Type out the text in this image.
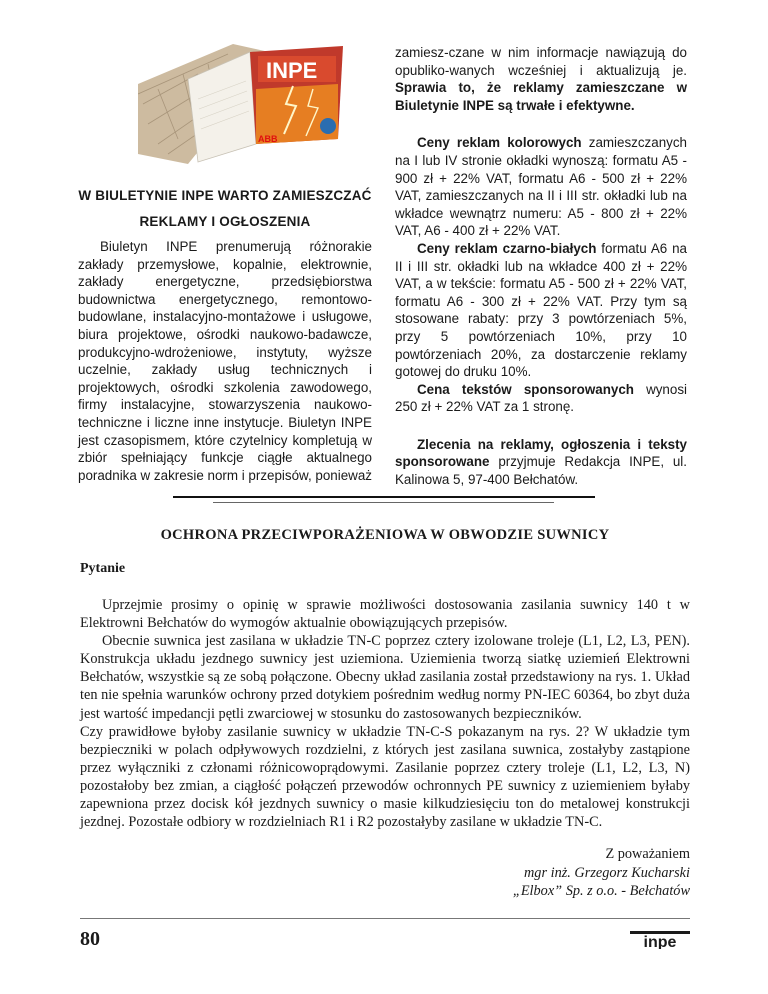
INPE
ABB
W BIULETYNIE INPE WARTO ZAMIESZCZAĆ
REKLAMY I OGŁOSZENIA

Biuletyn INPE prenumerują różnorakie zakłady przemysłowe, kopalnie, elektrownie, zakłady energetyczne, przedsiębiorstwa budownictwa energetycznego, remontowo-budowlane, instalacyjno-montażowe i usługowe, biura projektowe, ośrodki naukowo-badawcze, produkcyjno-wdrożeniowe, instytuty, wyższe uczelnie, zakłady usług technicznych i projektowych, ośrodki szkolenia zawodowego, firmy instalacyjne, stowarzyszenia naukowo-techniczne i liczne inne instytucje. Biuletyn INPE jest czasopismem, które czytelnicy kompletują w zbiór spełniający funkcje ciągłe aktualnego poradnika w zakresie norm i przepisów, ponieważ

zamiesz-czane w nim informacje nawiązują do opubliko-wanych wcześniej i aktualizują je. Sprawia to, że reklamy zamieszczane w Biuletynie INPE są trwałe i efektywne.

Ceny reklam kolorowych zamieszczanych na I lub IV stronie okładki wynoszą: formatu A5 - 900 zł + 22% VAT, formatu A6 - 500 zł + 22% VAT, zamieszczanych na II i III str. okładki lub na wkładce wewnątrz numeru: A5 - 800 zł + 22% VAT, A6 - 400 zł + 22% VAT.

Ceny reklam czarno-białych formatu A6 na II i III str. okładki lub na wkładce 400 zł + 22% VAT, a w tekście: formatu A5 - 500 zł + 22% VAT, formatu A6 - 300 zł + 22% VAT. Przy tym są stosowane rabaty: przy 3 powtórzeniach 5%, przy 5 powtórzeniach 10%, przy 10 powtórzeniach 20%, za dostarczenie reklamy gotowej do druku 10%.

Cena tekstów sponsorowanych wynosi 250 zł + 22% VAT za 1 stronę.

Zlecenia na reklamy, ogłoszenia i teksty sponsorowane przyjmuje Redakcja INPE, ul. Kalinowa 5, 97-400 Bełchatów.

OCHRONA PRZECIWPORAŻENIOWA W OBWODZIE SUWNICY

Pytanie

Uprzejmie prosimy o opinię w sprawie możliwości dostosowania zasilania suwnicy 140 t w Elektrowni Bełchatów do wymogów aktualnie obowiązujących przepisów.

Obecnie suwnica jest zasilana w układzie TN-C poprzez cztery izolowane troleje (L1, L2, L3, PEN). Konstrukcja układu jezdnego suwnicy jest uziemiona. Uziemienia tworzą siatkę uziemień Elektrowni Bełchatów, wszystkie są ze sobą połączone. Obecny układ zasilania został przedstawiony na rys. 1. Układ ten nie spełnia warunków ochrony przed dotykiem pośrednim według normy PN-IEC 60364, bo zbyt duża jest wartość impedancji pętli zwarciowej w stosunku do zastosowanych bezpieczników.

Czy prawidłowe byłoby zasilanie suwnicy w układzie TN-C-S pokazanym na rys. 2? W układzie tym bezpieczniki w polach odpływowych rozdzielni, z których jest zasilana suwnica, zostałyby zastąpione przez wyłączniki z członami różnicowoprądowymi. Zasilanie poprzez cztery troleje (L1, L2, L3, N) pozostałoby bez zmian, a ciągłość połączeń przewodów ochronnych PE suwnicy z uziemieniem byłaby zapewniona przez docisk kół jezdnych suwnicy o masie kilkudziesięciu ton do metalowej konstrukcji jezdnej. Pozostałe odbiory w rozdzielniach R1 i R2 pozostałyby zasilane w układzie TN-C.

Z poważaniem

mgr inż. Grzegorz Kucharski

„Elbox” Sp. z o.o. - Bełchatów

80	inpe
